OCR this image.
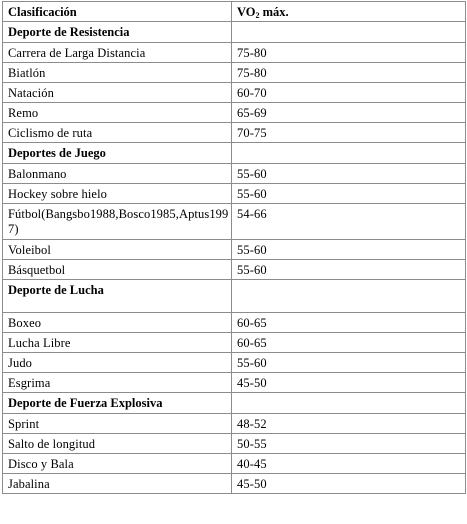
Clasificación	$VO_2$ máx.
Deporte de Resistencia	
Carrera de Larga Distancia	75-80
Biatlón	75-80
Natación	60-70
Remo	65-69
Ciclismo de ruta	70-75
Deportes de Juego	
Balonmano	55-60
Hockey sobre hielo	55-60
Fútbol(Bangsbo1988,Bosco1985,Aptus1997)	54-66
Voleibol	55-60
Básquetbol	55-60
Deporte de Lucha	
Boxeo	60-65
Lucha Libre	60-65
Judo	55-60
Esgrima	45-50
Deporte de Fuerza Explosiva	
Sprint	48-52
Salto de longitud	50-55
Disco y Bala	40-45
Jabalina	45-50
